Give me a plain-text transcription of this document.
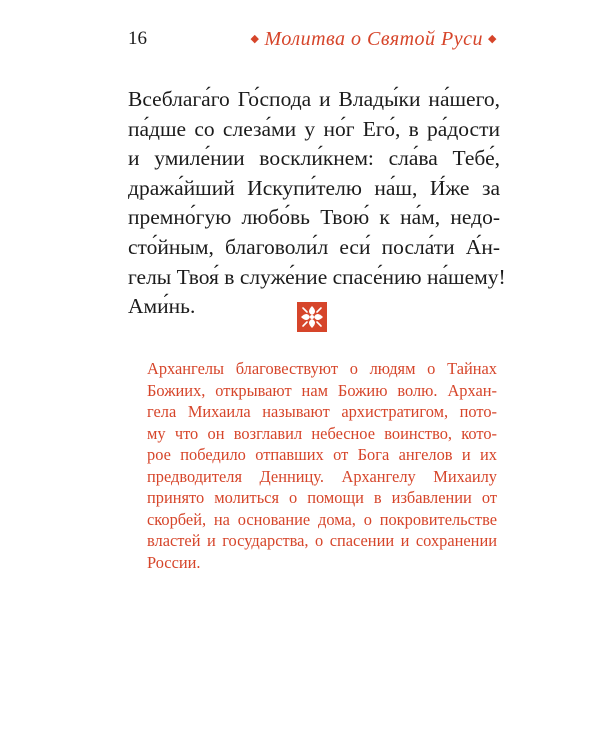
16	◆ Молитва о Святой Руси ◆
Всеблага́го Го́спода и Влады́ки на́шего,
па́дше со слеза́ми у но́г Его́, в ра́дости
и умиле́нии воскли́кнем: сла́ва Тебе́,
дража́йший Искупи́телю на́ш, И́же за
премно́гую любо́вь Твою́ к на́м, недо-
сто́йным, благоволи́л еси́ посла́ти А́н-
гелы Твоя́ в служе́ние спасе́нию на́шему!
Ами́нь.
Архангелы благовествуют о людям о Тайнах
Божиих, открывают нам Божию волю. Архан-
гела Михаила называют архистратигом, пото-
му что он возглавил небесное воинство, кото-
рое победило отпавших от Бога ангелов и их
предводителя Денницу. Архангелу Михаилу
принято молиться о помощи в избавлении от
скорбей, на основание дома, о покровительстве
властей и государства, о спасении и сохранении
России.
